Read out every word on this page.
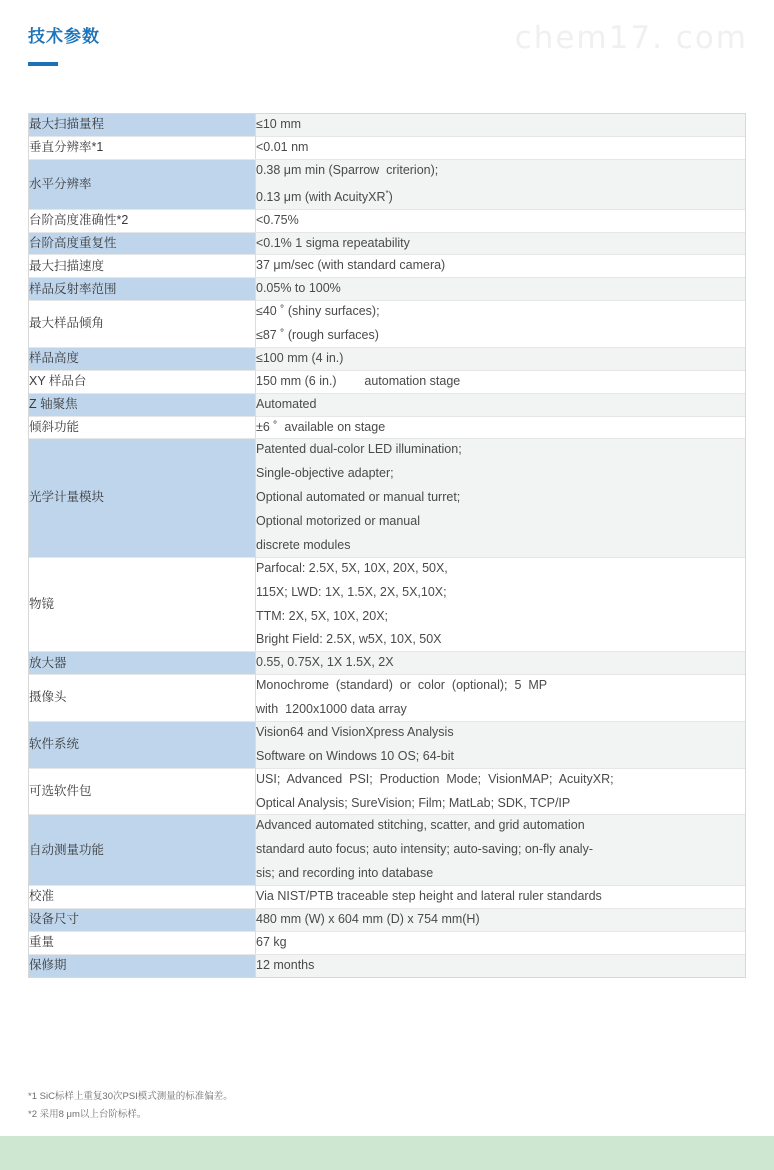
技术参数	chem17. com
最大扫描量程	≤10 mm

垂直分辨率*1	<0.01 nm

水平分辨率	0.38 μm min (Sparrow  criterion);
0.13 μm (with AcuityXR*)

台阶高度准确性*2	<0.75%

台阶高度重复性	<0.1% 1 sigma repeatability

最大扫描速度	37 μm/sec (with standard camera)

样品反射率范围	0.05% to 100%

最大样品倾角	≤40 ˚ (shiny surfaces);
≤87 ˚ (rough surfaces)

样品高度	≤100 mm (4 in.)

XY 样品台	150 mm (6 in.)        automation stage

Z 轴聚焦	Automated

倾斜功能	±6 ˚  available on stage

光学计量模块	Patented dual-color LED illumination;
Single-objective adapter;
Optional automated or manual turret;
Optional motorized or manual
discrete modules

物镜	Parfocal: 2.5X, 5X, 10X, 20X, 50X,
115X; LWD: 1X, 1.5X, 2X, 5X,10X;
TTM: 2X, 5X, 10X, 20X;
Bright Field: 2.5X, w5X, 10X, 50X

放大器	0.55, 0.75X, 1X 1.5X, 2X

摄像头	Monochrome  (standard)  or  color  (optional);  5  MP
with  1200x1000 data array

软件系统	Vision64 and VisionXpress Analysis
Software on Windows 10 OS; 64-bit

可选软件包	USI;  Advanced  PSI;  Production  Mode;  VisionMAP;  AcuityXR;
Optical Analysis; SureVision; Film; MatLab; SDK, TCP/IP

自动测量功能	Advanced automated stitching, scatter, and grid automation
standard auto focus; auto intensity; auto-saving; on-fly analy-
sis; and recording into database

校准	Via NIST/PTB traceable step height and lateral ruler standards

设备尺寸	480 mm (W) x 604 mm (D) x 754 mm(H)

重量	67 kg

保修期	12 months
*1 SiC标样上重复30次PSI模式测量的标准偏差。
*2 采用8 μm以上台阶标样。
